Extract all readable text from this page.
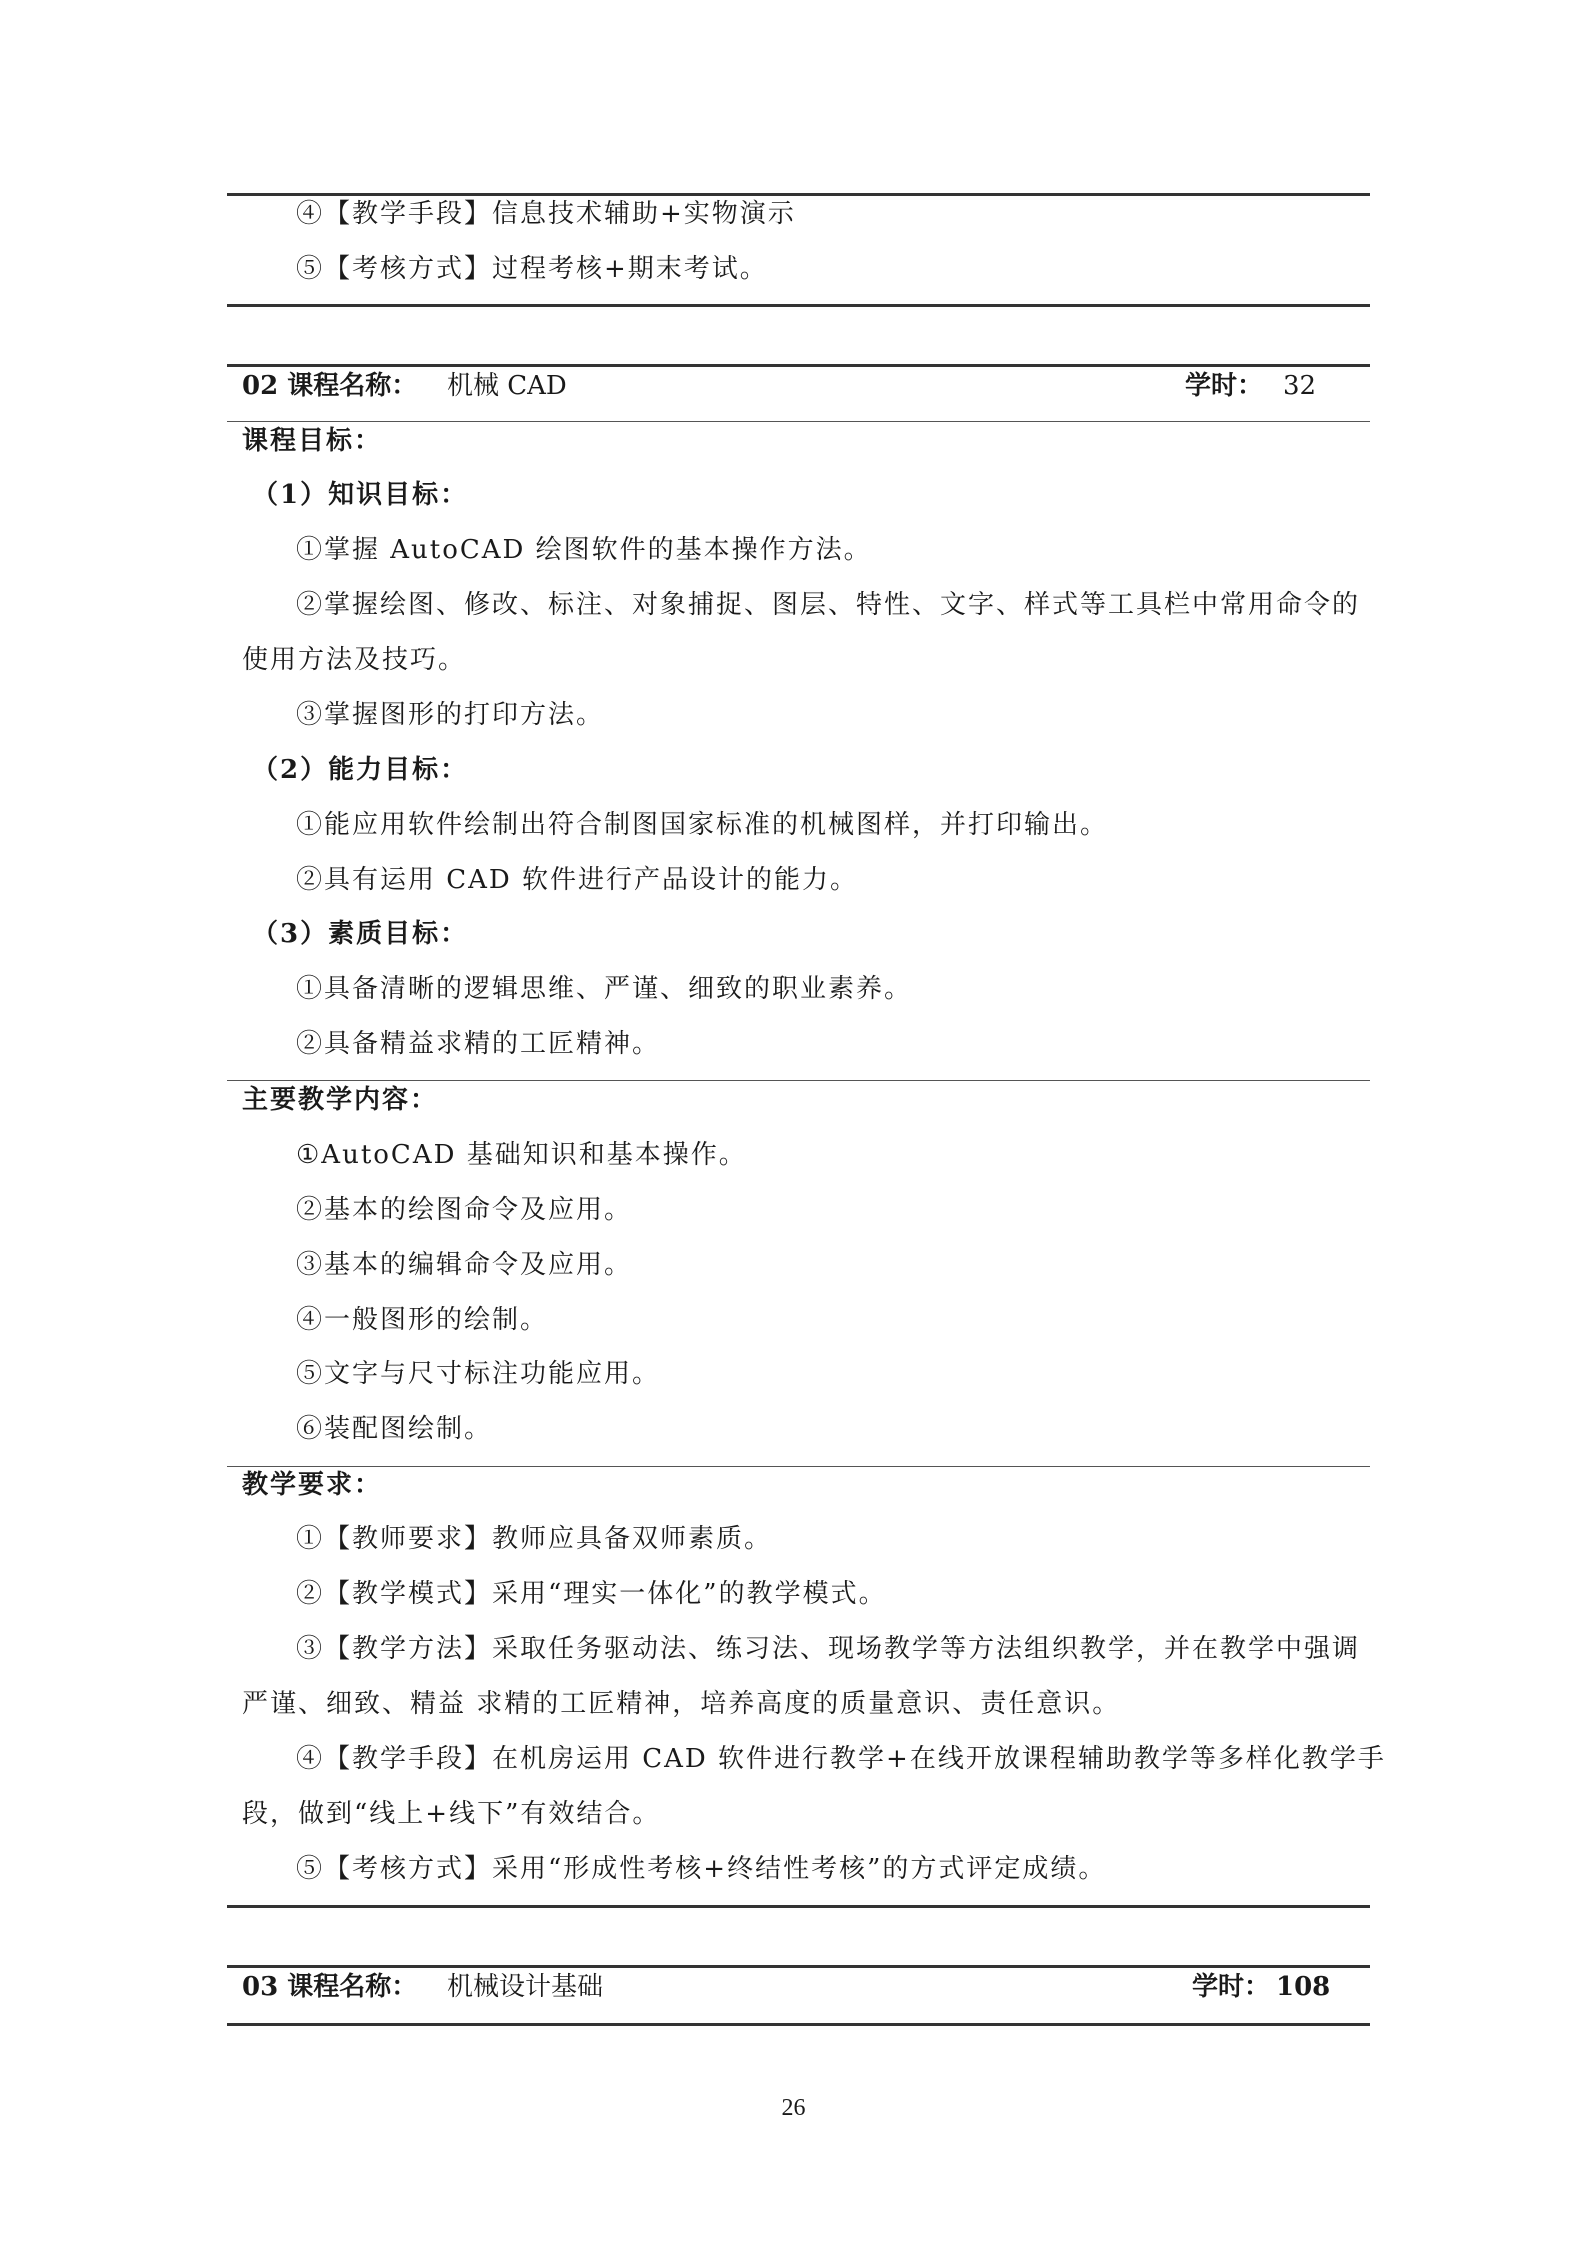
④【教学手段】信息技术辅助+实物演示
⑤【考核方式】过程考核+期末考试。
02 课程名称： 机械 CAD	学时： 32
课程目标：
（1）知识目标：
①掌握 AutoCAD 绘图软件的基本操作方法。
②掌握绘图、修改、标注、对象捕捉、图层、特性、文字、样式等工具栏中常用命令的
使用方法及技巧。
③掌握图形的打印方法。
（2）能力目标：
①能应用软件绘制出符合制图国家标准的机械图样，并打印输出。
②具有运用 CAD 软件进行产品设计的能力。
（3）素质目标：
①具备清晰的逻辑思维、严谨、细致的职业素养。
②具备精益求精的工匠精神。
主要教学内容：
①AutoCAD 基础知识和基本操作。
②基本的绘图命令及应用。
③基本的编辑命令及应用。
④一般图形的绘制。
⑤文字与尺寸标注功能应用。
⑥装配图绘制。
教学要求：
①【教师要求】教师应具备双师素质。
②【教学模式】采用“理实一体化”的教学模式。
③【教学方法】采取任务驱动法、练习法、现场教学等方法组织教学，并在教学中强调
严谨、细致、精益 求精的工匠精神，培养高度的质量意识、责任意识。
④【教学手段】在机房运用 CAD 软件进行教学+在线开放课程辅助教学等多样化教学手
段，做到“线上+线下”有效结合。
⑤【考核方式】采用“形成性考核+终结性考核”的方式评定成绩。
03 课程名称： 机械设计基础	学时： 108
26
